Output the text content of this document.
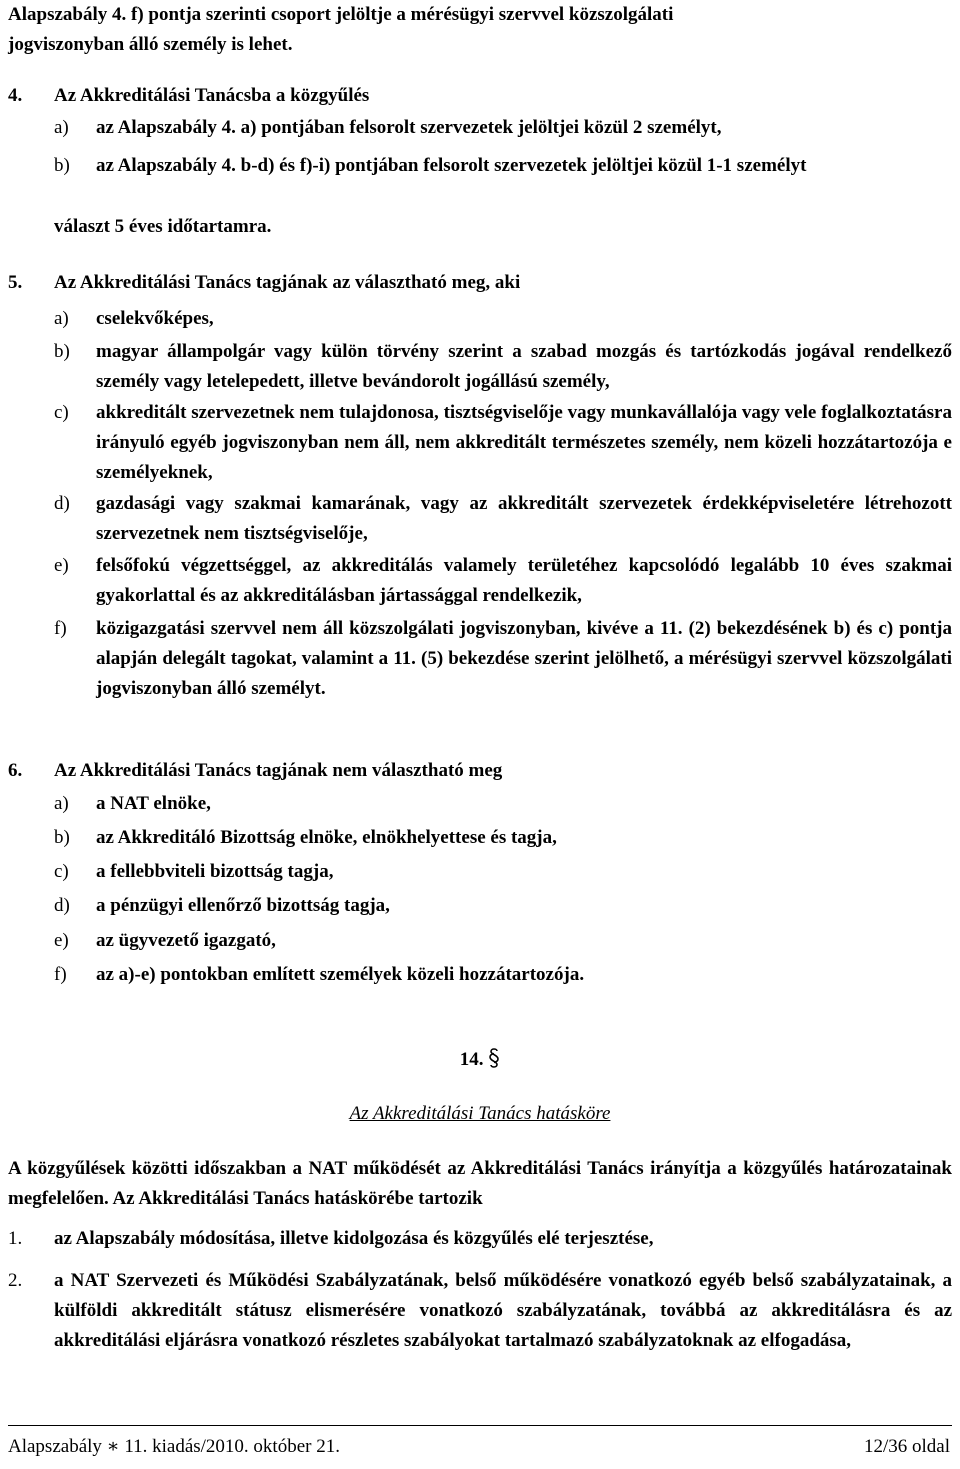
Alapszabály 4. f) pontja szerinti csoport jelöltje a mérésügyi szervvel közszolgálati
jogviszonyban álló személy is lehet.
4. Az Akkreditálási Tanácsba a közgyűlés
a) az Alapszabály 4. a) pontjában felsorolt szervezetek jelöltjei közül 2 személyt,
b) az Alapszabály 4. b-d) és f)-i) pontjában felsorolt szervezetek jelöltjei közül 1-1 személyt
választ 5 éves időtartamra.
5. Az Akkreditálási Tanács tagjának az választható meg, aki
a) cselekvőképes,
b) magyar állampolgár vagy külön törvény szerint a szabad mozgás és tartózkodás jogával rendelkező személy vagy letelepedett, illetve bevándorolt jogállású személy,
c) akkreditált szervezetnek nem tulajdonosa, tisztségviselője vagy munkavállalója vagy vele foglalkoztatásra irányuló egyéb jogviszonyban nem áll, nem akkreditált természetes személy, nem közeli hozzátartozója e személyeknek,
d) gazdasági vagy szakmai kamarának, vagy az akkreditált szervezetek érdekképviseletére létrehozott szervezetnek nem tisztségviselője,
e) felsőfokú végzettséggel, az akkreditálás valamely területéhez kapcsolódó legalább 10 éves szakmai gyakorlattal és az akkreditálásban jártassággal rendelkezik,
f) közigazgatási szervvel nem áll közszolgálati jogviszonyban, kivéve a 11. (2) bekezdésének b) és c) pontja alapján delegált tagokat, valamint a 11. (5) bekezdése szerint jelölhető, a mérésügyi szervvel közszolgálati jogviszonyban álló személyt.
6. Az Akkreditálási Tanács tagjának nem választható meg
a) a NAT elnöke,
b) az Akkreditáló Bizottság elnöke, elnökhelyettese és tagja,
c) a fellebbviteli bizottság tagja,
d) a pénzügyi ellenőrző bizottság tagja,
e) az ügyvezető igazgató,
f) az a)-e) pontokban említett személyek közeli hozzátartozója.
14.
Az Akkreditálási Tanács hatásköre
A közgyűlések közötti időszakban a NAT működését az Akkreditálási Tanács irányítja a közgyűlés határozatainak megfelelően. Az Akkreditálási Tanács hatáskörébe tartozik
1. az Alapszabály módosítása, illetve kidolgozása és közgyűlés elé terjesztése,
2. a NAT Szervezeti és Működési Szabályzatának, belső működésére vonatkozó egyéb belső szabályzatainak, a külföldi akkreditált státusz elismerésére vonatkozó szabályzatának, továbbá az akkreditálásra és az akkreditálási eljárásra vonatkozó részletes szabályokat tartalmazó szabályzatoknak az elfogadása,
Alapszabály ∗ 11. kiadás/2010. október 21.	12/36 oldal
